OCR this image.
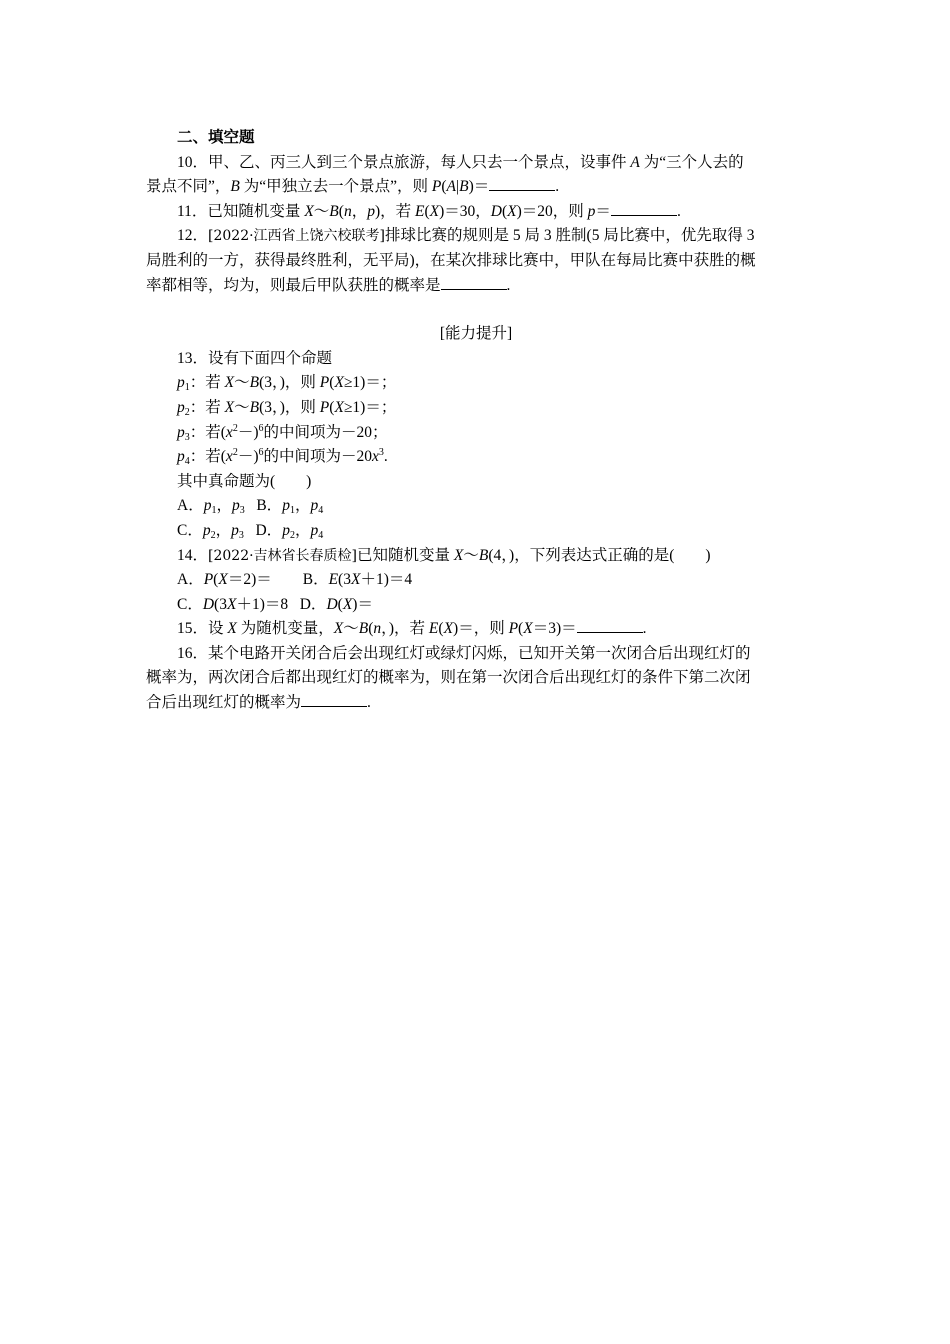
二、填空题
10．甲、乙、丙三人到三个景点旅游，每人只去一个景点，设事件 A 为“三个人去的
景点不同”，B 为“甲独立去一个景点”，则 P(A|B)＝	.
11．已知随机变量 X～B(n，p)，若 E(X)＝30，D(X)＝20，则 p＝	.
12．[2022·江西省上饶六校联考]排球比赛的规则是 5 局 3 胜制(5 局比赛中，优先取得 3
局胜利的一方，获得最终胜利，无平局)，在某次排球比赛中，甲队在每局比赛中获胜的概
率都相等，均为，则最后甲队获胜的概率是	.
[能力提升]
13．设有下面四个命题
$p_1$：若 X～B(3，)，则 P(X≥1)＝；
$p_2$：若 X～B(3，)，则 P(X≥1)＝；
$p_3$：若$(x^2-)^6$的中间项为－20；
$p_4$：若$(x^2-)^6$的中间项为$-20x^3$.
其中真命题为(　　)
A．$p_1$，$p_3$ B．$p_1$，$p_4$
C．$p_2$，$p_3$ D．$p_2$，$p_4$
14．[2022·吉林省长春质检]已知随机变量 X～B(4，)，下列表达式正确的是(　　)
A．P(X＝2)＝ B．E(3X＋1)＝4
C．D(3X＋1)＝8 D．D(X)＝
15．设 X 为随机变量，X～B(n，)，若 E(X)＝，则 P(X＝3)＝	.
16．某个电路开关闭合后会出现红灯或绿灯闪烁，已知开关第一次闭合后出现红灯的
概率为，两次闭合后都出现红灯的概率为，则在第一次闭合后出现红灯的条件下第二次闭
合后出现红灯的概率为	.
